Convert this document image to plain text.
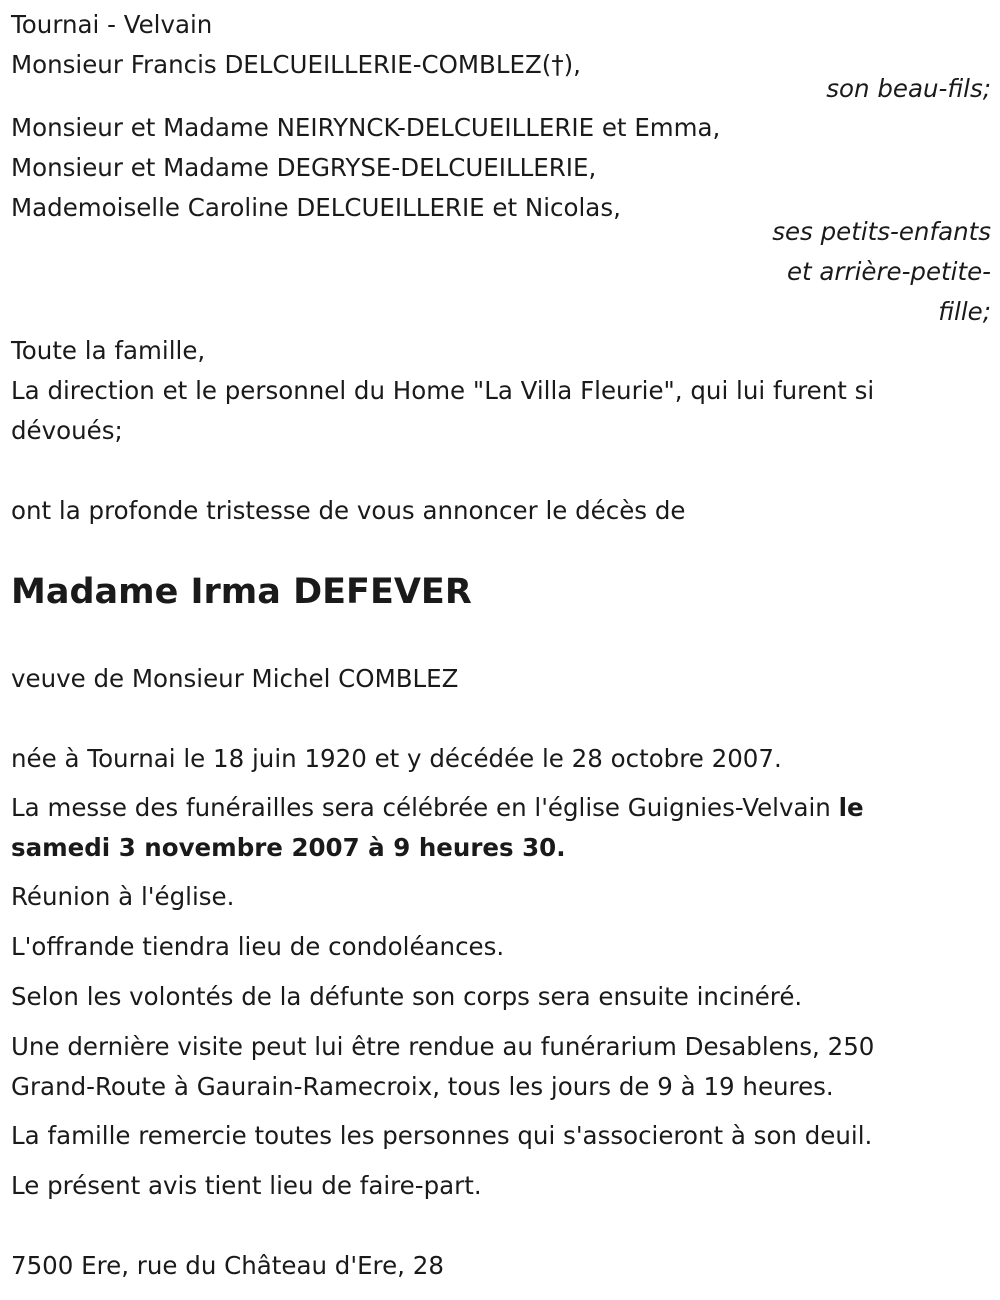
Tournai - Velvain
Monsieur Francis DELCUEILLERIE-COMBLEZ(†),
son beau-fils;
Monsieur et Madame NEIRYNCK-DELCUEILLERIE et Emma,
Monsieur et Madame DEGRYSE-DELCUEILLERIE,
Mademoiselle Caroline DELCUEILLERIE et Nicolas,
ses petits-enfants
et arrière-petite-
fille;
Toute la famille,
La direction et le personnel du Home "La Villa Fleurie", qui lui furent si
dévoués;
ont la profonde tristesse de vous annoncer le décès de
Madame Irma DEFEVER
veuve de Monsieur Michel COMBLEZ
née à Tournai le 18 juin 1920 et y décédée le 28 octobre 2007.
La messe des funérailles sera célébrée en l'église Guignies-Velvain le
samedi 3 novembre 2007 à 9 heures 30.
Réunion à l'église.
L'offrande tiendra lieu de condoléances.
Selon les volontés de la défunte son corps sera ensuite incinéré.
Une dernière visite peut lui être rendue au funérarium Desablens, 250
Grand-Route à Gaurain-Ramecroix, tous les jours de 9 à 19 heures.
La famille remercie toutes les personnes qui s'associeront à son deuil.
Le présent avis tient lieu de faire-part.
7500 Ere, rue du Château d'Ere, 28
